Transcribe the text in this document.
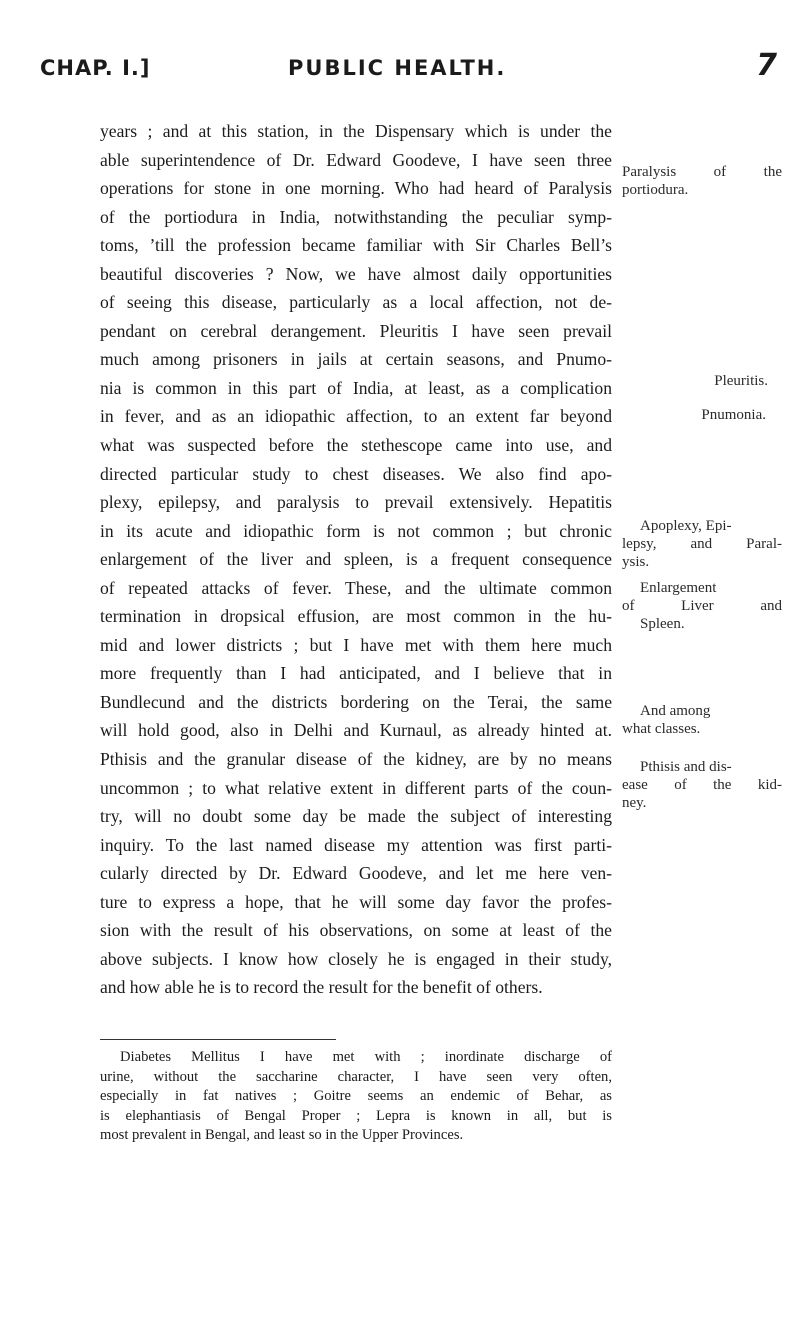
CHAP. I.]	PUBLIC HEALTH.	7
years ; and at this station, in the Dispensary which is under the
able superintendence of Dr. Edward Goodeve, I have seen three
operations for stone in one morning. Who had heard of Paralysis
of the portiodura in India, notwithstanding the peculiar symp-
toms, ’till the profession became familiar with Sir Charles Bell’s
beautiful discoveries ? Now, we have almost daily opportunities
of seeing this disease, particularly as a local affection, not de-
pendant on cerebral derangement. Pleuritis I have seen prevail
much among prisoners in jails at certain seasons, and Pnumo-
nia is common in this part of India, at least, as a complication
in fever, and as an idiopathic affection, to an extent far beyond
what was suspected before the stethescope came into use, and
directed particular study to chest diseases. We also find apo-
plexy, epilepsy, and paralysis to prevail extensively. Hepatitis
in its acute and idiopathic form is not common ; but chronic
enlargement of the liver and spleen, is a frequent consequence
of repeated attacks of fever. These, and the ultimate common
termination in dropsical effusion, are most common in the hu-
mid and lower districts ; but I have met with them here much
more frequently than I had anticipated, and I believe that in
Bundlecund and the districts bordering on the Terai, the same
will hold good, also in Delhi and Kurnaul, as already hinted at.
Pthisis and the granular disease of the kidney, are by no means
uncommon ; to what relative extent in different parts of the coun-
try, will no doubt some day be made the subject of interesting
inquiry. To the last named disease my attention was first parti-
cularly directed by Dr. Edward Goodeve, and let me here ven-
ture to express a hope, that he will some day favor the profes-
sion with the result of his observations, on some at least of the
above subjects. I know how closely he is engaged in their study,
and how able he is to record the result for the benefit of others.
Paralysis of the
portiodura.
Pleuritis.
Pnumonia.
Apoplexy, Epi-
lepsy, and Paral-
ysis.
Enlargement
of Liver and
Spleen.
And among
what classes.
Pthisis and dis-
ease of the kid-
ney.
Diabetes Mellitus I have met with ; inordinate discharge of
urine, without the saccharine character, I have seen very often,
especially in fat natives ; Goitre seems an endemic of Behar, as
is elephantiasis of Bengal Proper ; Lepra is known in all, but is
most prevalent in Bengal, and least so in the Upper Provinces.
